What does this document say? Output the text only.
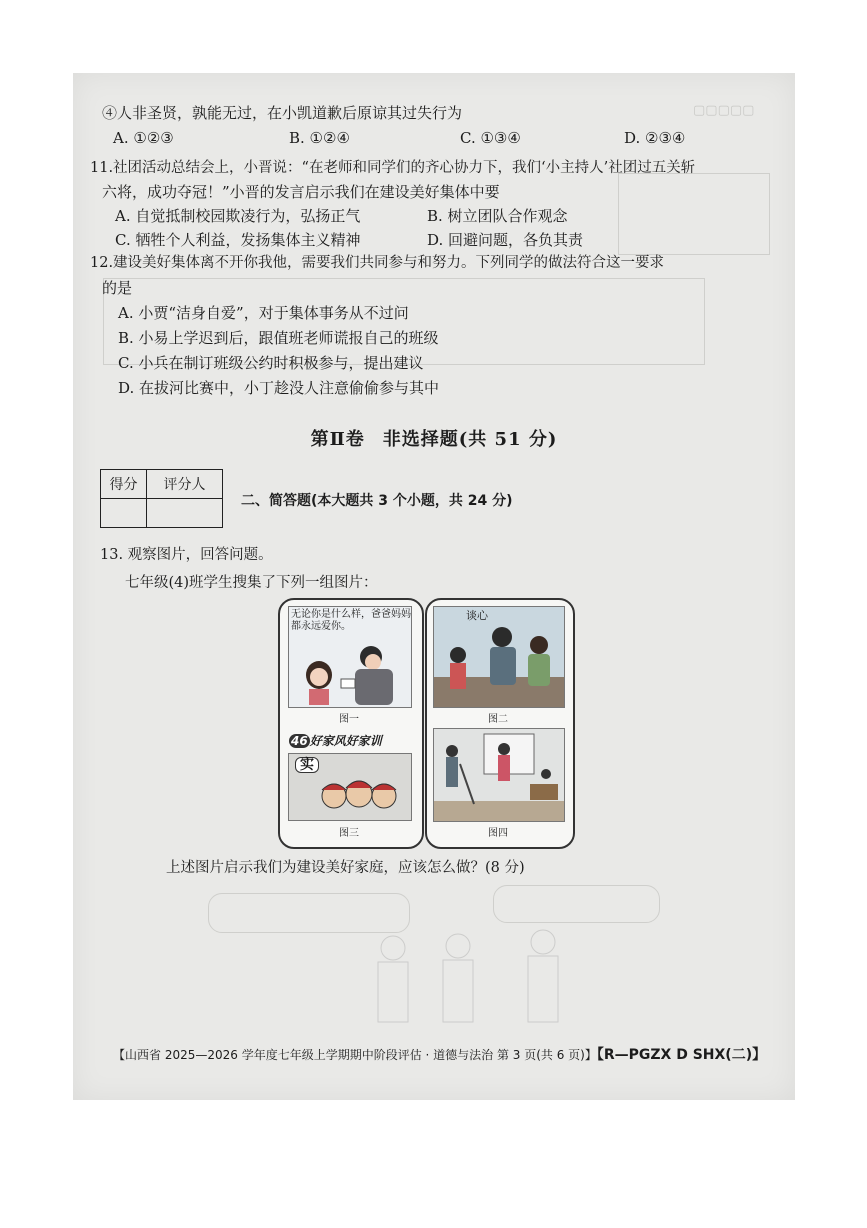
▢▢▢▢▢
④人非圣贤，孰能无过，在小凯道歉后原谅其过失行为
A. ①②③	B. ①②④	C. ①③④	D. ②③④
11.社团活动总结会上，小晋说：“在老师和同学们的齐心协力下，我们‘小主持人’社团过五关斩
六将，成功夺冠！”小晋的发言启示我们在建设美好集体中要
A. 自觉抵制校园欺凌行为，弘扬正气	B. 树立团队合作观念
C. 牺牲个人利益，发扬集体主义精神	D. 回避问题，各负其责
12.建设美好集体离不开你我他，需要我们共同参与和努力。下列同学的做法符合这一要求
的是
A. 小贾“洁身自爱”，对于集体事务从不过问
B. 小易上学迟到后，跟值班老师谎报自己的班级
C. 小兵在制订班级公约时积极参与，提出建议
D. 在拔河比赛中，小丁趁没人注意偷偷参与其中
第Ⅱ卷 非选择题(共 51 分)
得分	评分人

二、简答题(本大题共 3 个小题，共 24 分)
13. 观察图片，回答问题。
七年级(4)班学生搜集了下列一组图片：
无论你是什么样，爸爸妈妈
都永远爱你。
图一
谈心
图二
46 好家风好家训
实
图三	图四
上述图片启示我们为建设美好家庭，应该怎么做？(8 分)
【山西省 2025—2026 学年度七年级上学期期中阶段评估 · 道德与法治 第 3 页(共 6 页)】【R—PGZX D SHX(二)】
